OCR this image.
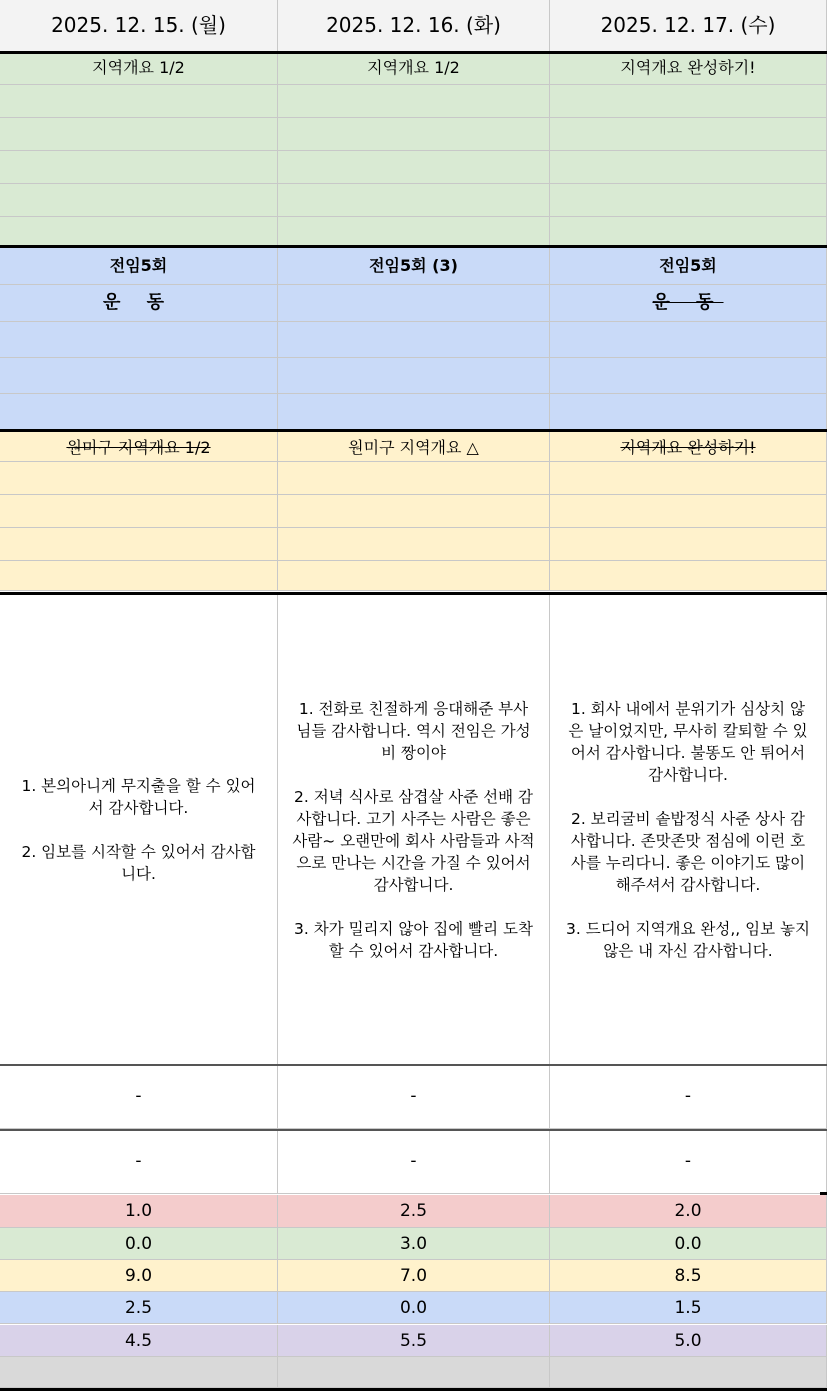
2025. 12. 15. (월)
지역개요 1/2
전임5회
운 동
원미구 지역개요 1/2
1. 본의아니게 무지출을 할 수 있어서 감사합니다.

2. 임보를 시작할 수 있어서 감사합니다.
-
-
1.0
0.0
9.0
2.5
4.5
2025. 12. 16. (화)
지역개요 1/2
전임5회 (3)
원미구 지역개요 △
1. 전화로 친절하게 응대해준 부사님들 감사합니다. 역시 전임은 가성비 짱이야

2. 저녁 식사로 삼겹살 사준 선배 감사합니다. 고기 사주는 사람은 좋은 사람~ 오랜만에 회사 사람들과 사적으로 만나는 시간을 가질 수 있어서 감사합니다.

3. 차가 밀리지 않아 집에 빨리 도착할 수 있어서 감사합니다.
-
-
2.5
3.0
7.0
0.0
5.5
2025. 12. 17. (수)
지역개요 완성하기!
전임5회
운 동
지역개요 완성하기!
1. 회사 내에서 분위기가 심상치 않은 날이었지만, 무사히 칼퇴할 수 있어서 감사합니다. 불똥도 안 튀어서 감사합니다.

2. 보리굴비 솥밥정식 사준 상사 감사합니다. 존맛존맛 점심에 이런 호사를 누리다니. 좋은 이야기도 많이 해주셔서 감사합니다.

3. 드디어 지역개요 완성,, 임보 놓지 않은 내 자신 감사합니다.
-
-
2.0
0.0
8.5
1.5
5.0
